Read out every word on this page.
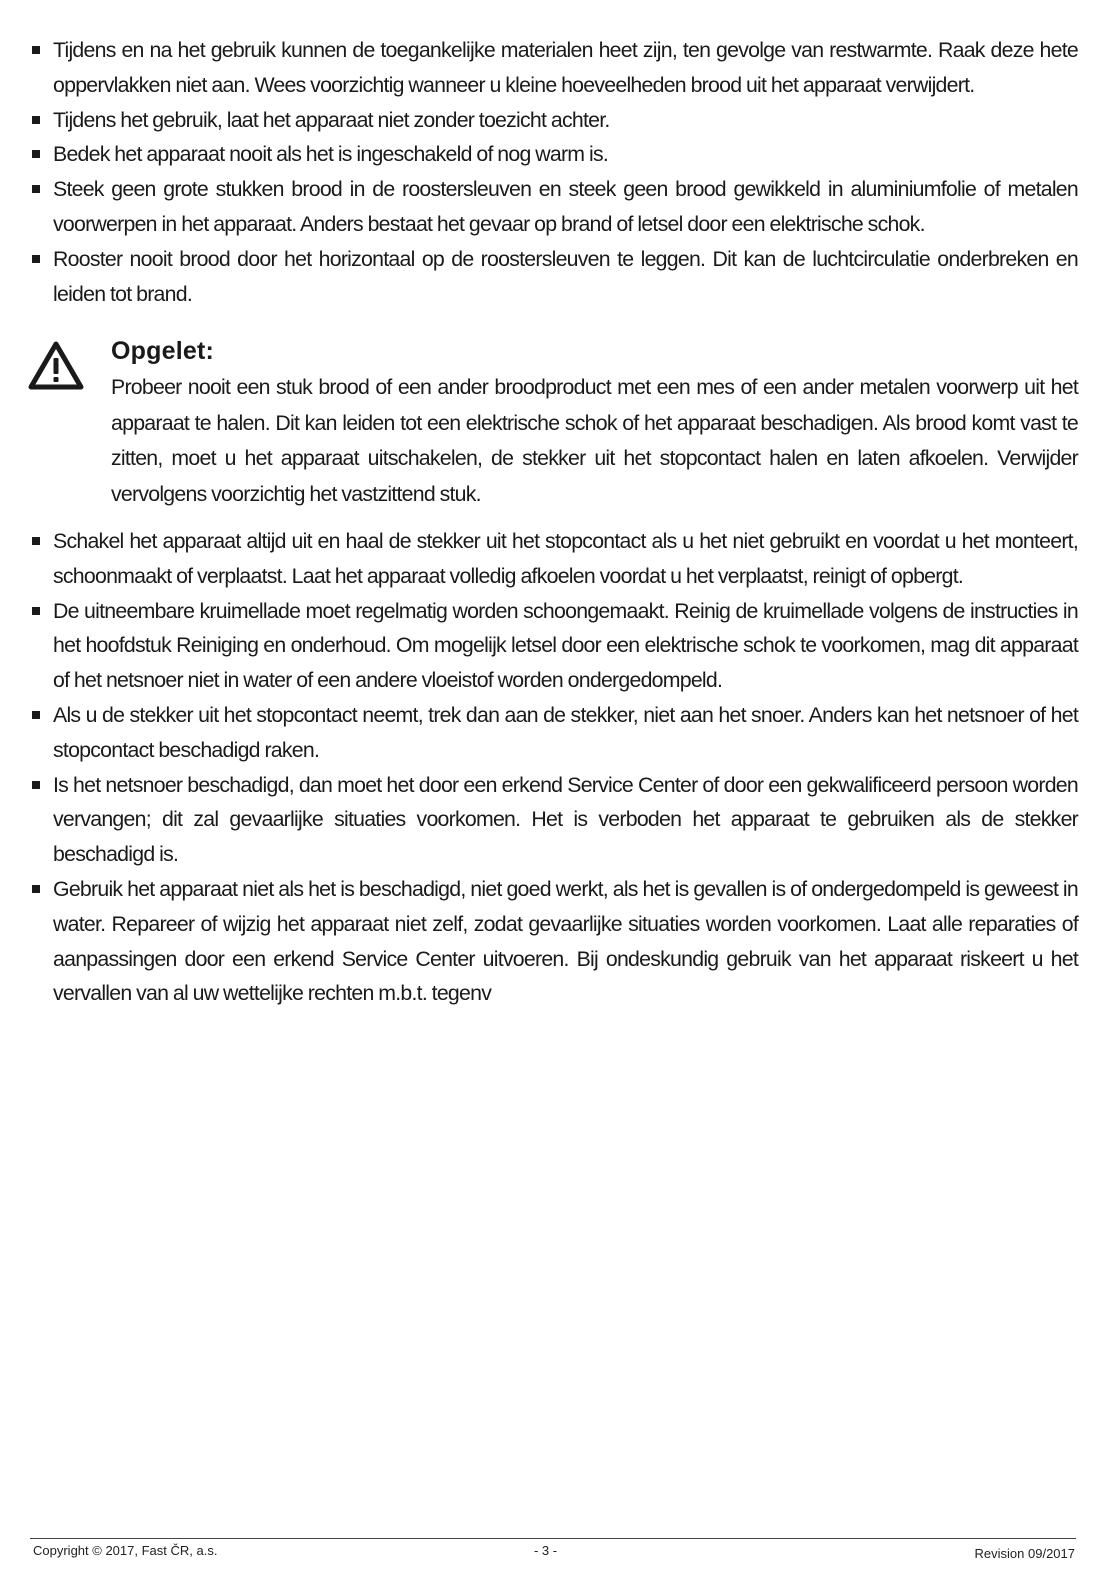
Tijdens en na het gebruik kunnen de toegankelijke materialen heet zijn, ten gevolge van restwarmte. Raak deze hete oppervlakken niet aan. Wees voorzichtig wanneer u kleine hoeveelheden brood uit het apparaat verwijdert.
Tijdens het gebruik, laat het apparaat niet zonder toezicht achter.
Bedek het apparaat nooit als het is ingeschakeld of nog warm is.
Steek geen grote stukken brood in de roostersleuven en steek geen brood gewikkeld in aluminiumfolie of metalen voorwerpen in het apparaat. Anders bestaat het gevaar op brand of letsel door een elektrische schok.
Rooster nooit brood door het horizontaal op de roostersleuven te leggen. Dit kan de luchtcirculatie onderbreken en leiden tot brand.
Opgelet:
Probeer nooit een stuk brood of een ander broodproduct met een mes of een ander metalen voorwerp uit het apparaat te halen. Dit kan leiden tot een elektrische schok of het apparaat beschadigen. Als brood komt vast te zitten, moet u het apparaat uitschakelen, de stekker uit het stopcontact halen en laten afkoelen. Verwijder vervolgens voorzichtig het vastzittend stuk.
Schakel het apparaat altijd uit en haal de stekker uit het stopcontact als u het niet gebruikt en voordat u het monteert, schoonmaakt of verplaatst. Laat het apparaat volledig afkoelen voordat u het verplaatst, reinigt of opbergt.
De uitneembare kruimellade moet regelmatig worden schoongemaakt. Reinig de kruimellade volgens de instructies in het hoofdstuk Reiniging en onderhoud. Om mogelijk letsel door een elektrische schok te voorkomen, mag dit apparaat of het netsnoer niet in water of een andere vloeistof worden ondergedompeld.
Als u de stekker uit het stopcontact neemt, trek dan aan de stekker, niet aan het snoer. Anders kan het netsnoer of het stopcontact beschadigd raken.
Is het netsnoer beschadigd, dan moet het door een erkend Service Center of door een gekwalificeerd persoon worden vervangen; dit zal gevaarlijke situaties voorkomen. Het is verboden het apparaat te gebruiken als de stekker beschadigd is.
Gebruik het apparaat niet als het is beschadigd, niet goed werkt, als het is gevallen is of ondergedompeld is geweest in water. Repareer of wijzig het apparaat niet zelf, zodat gevaarlijke situaties worden voorkomen. Laat alle reparaties of aanpassingen door een erkend Service Center uitvoeren. Bij ondeskundig gebruik van het apparaat riskeert u het vervallen van al uw wettelijke rechten m.b.t. tegenv
Copyright © 2017, Fast ČR, a.s.	- 3 -	Revision 09/2017
